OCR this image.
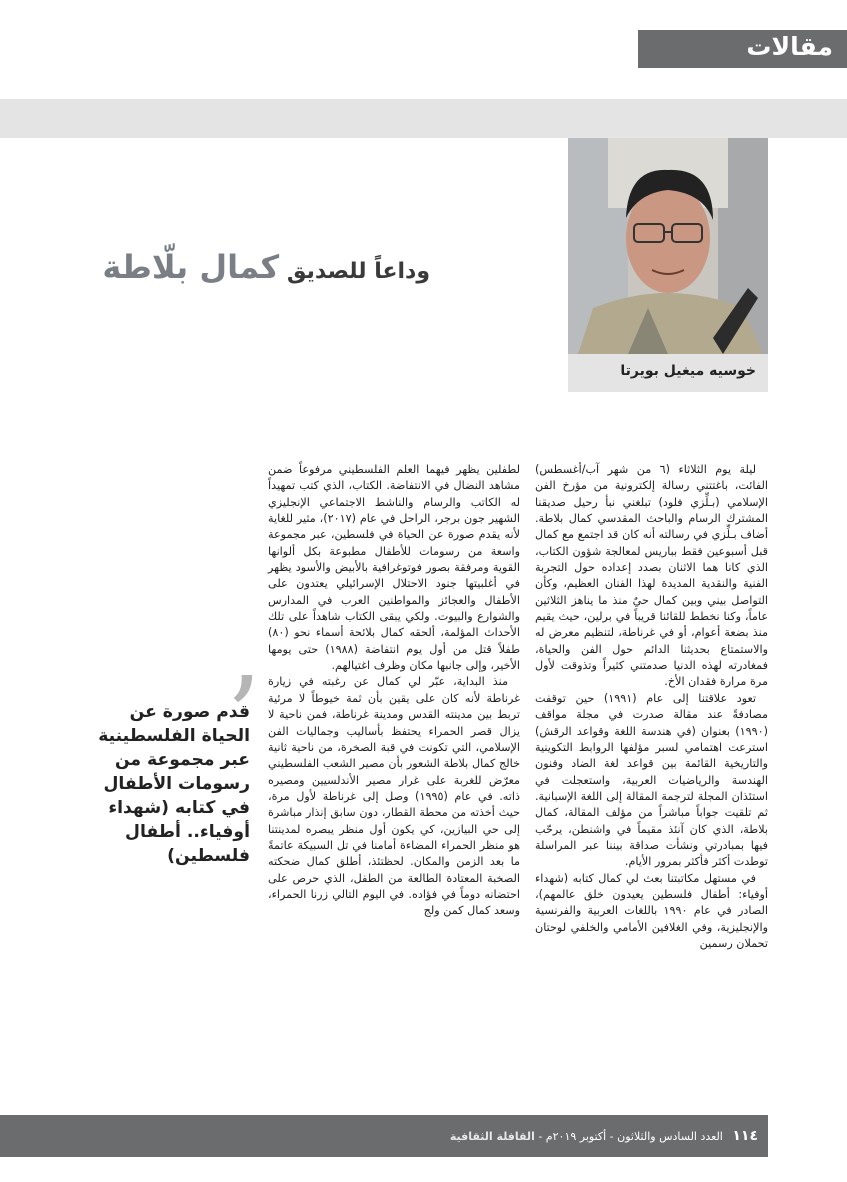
مقالات
خوسيه ميغيل بويرتا
وداعاً للصديق كمال بلّاطة

ليلة يوم الثلاثاء (٦ من شهر آب/أغسطس) الفائت، باغتتني رسالة إلكترونية من مؤرخ الفن الإسلامي (بـلِّزي فلود) تبلغني نبأ رحيل صديقنا المشترك الرسام والباحث المقدسي كمال بلاطة. أضاف بـلِّزي في رسالته أنه كان قد اجتمع مع كمال قبل أسبوعين فقط بباريس لمعالجة شؤون الكتاب، الذي كانا هما الاثنان بصدد إعداده حول التجربة الفنية والنقدية المديدة لهذا الفنان العظيم، وكأن التواصل بيني وبين كمال حيٌ منذ ما يناهز الثلاثين عاماً، وكنا نخطط للقائنا قريباً في برلين، حيث يقيم منذ بضعة أعوام، أو في غرناطة، لتنظيم معرض له والاستمتاع بحديثنا الدائم حول الفن والحياة، فمغادرته لهذه الدنيا صدمتني كثيراً وتذوقت لأول مرة مرارة فقدان الأخ.

تعود علاقتنا إلى عام (١٩٩١) حين توقفت مصادفةً عند مقالة صدرت في مجلة مواقف (١٩٩٠) بعنوان (في هندسة اللغة وقواعد الرقش) استرعت اهتمامي لسبر مؤلفها الروابط التكوينية والتاريخية القائمة بين قواعد لغة الضاد وفنون الهندسة والرياضيات العربية، واستعجلت في استئذان المجلة لترجمة المقالة إلى اللغة الإسبانية. ثم تلقيت جواباً مباشراً من مؤلف المقالة، كمال بلاطة، الذي كان آنئذ مقيماً في واشنطن، يرحّب فيها بمبادرتي ونشأت صداقة بيننا عبر المراسلة توطدت أكثر فأكثر بمرور الأيام.

في مستهل مكاتبتنا بعث لي كمال كتابه (شهداء أوفياء: أطفال فلسطين يعيدون خلق عالمهم)، الصادر في عام ١٩٩٠ باللغات العربية والفرنسية والإنجليزية، وفي الغلافين الأمامي والخلفي لوحتان تحملان رسمين

لطفلين يظهر فيهما العلم الفلسطيني مرفوعاً ضمن مشاهد النضال في الانتفاضة. الكتاب، الذي كتب تمهيداً له الكاتب والرسام والناشط الاجتماعي الإنجليزي الشهير جون برجر، الراحل في عام (٢٠١٧)، مثير للغاية لأنه يقدم صورة عن الحياة في فلسطين، عبر مجموعة واسعة من رسومات للأطفال مطبوعة بكل ألوانها القوية ومرفقة بصور فوتوغرافية بالأبيض والأسود يظهر في أغلبيتها جنود الاحتلال الإسرائيلي يعتدون على الأطفال والعجائز والمواطنين العرب في المدارس والشوارع والبيوت. ولكي يبقى الكتاب شاهداً على تلك الأحداث المؤلمة، ألحقه كمال بلائحة أسماء نحو (٨٠) طفلاً قتل من أول يوم انتفاضة (١٩٨٨) حتى يومها الأخير، وإلى جانبها مكان وظرف اغتيالهم.

منذ البداية، عبّر لي كمال عن رغبته في زيارة غرناطة لأنه كان على يقين بأن ثمة خيوطاً لا مرئية تربط بين مدينته القدس ومدينة غرناطة، فمن ناحية لا يزال قصر الحمراء يحتفظ بأساليب وجماليات الفن الإسلامي، التي تكونت في قبة الصخرة، من ناحية ثانية خالج كمال بلاطة الشعور بأن مصير الشعب الفلسطيني معرّض للغربة على غرار مصير الأندلسيين ومصيره ذاته. في عام (١٩٩٥) وصل إلى غرناطة لأول مرة، حيث أخذته من محطة القطار، دون سابق إنذار مباشرة إلى حي البيازين، كي يكون أول منظر يبصره لمدينتنا هو منظر الحمراء المضاءة أمامنا في تل السبيكة عاتمةً ما بعد الزمن والمكان. لحظتئذ، أطلق كمال ضحكته الصخبة المعتادة الطالعة من الطفل، الذي حرص على احتضانه دوماً في فؤاده. في اليوم التالي زرنا الحمراء، وسعد كمال كمن ولج

’
قدم صورة عن الحياة الفلسطينية عبر مجموعة من رسومات الأطفال في كتابه (شهداء أوفياء.. أطفال فلسطين)
١١٤ العدد السادس والثلاثون - أكتوبر ٢٠١٩م - القافلة الثقافية
